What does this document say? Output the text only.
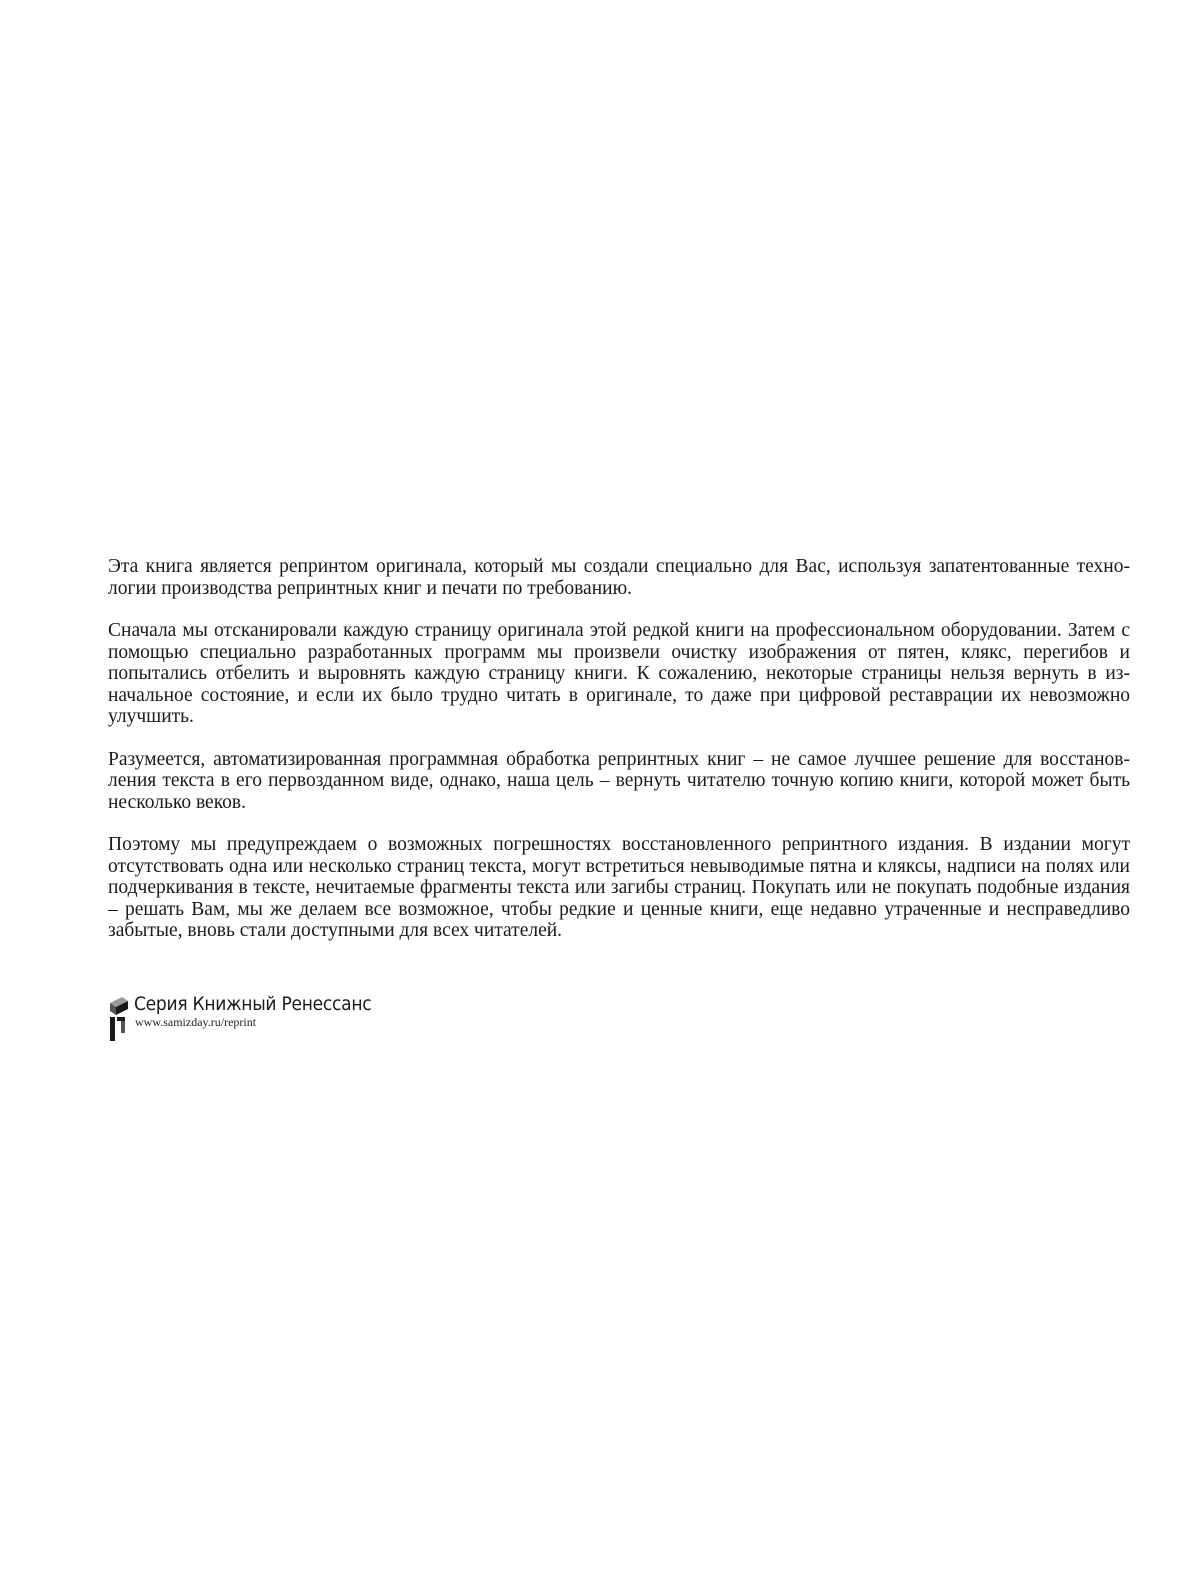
Эта книга является репринтом оригинала, который мы создали специально для Вас, используя запатентованные техно-логии производства репринтных книг и печати по требованию.

Сначала мы отсканировали каждую страницу оригинала этой редкой книги на профессиональном оборудовании. Затем с помощью специально разработанных программ мы произвели очистку изображения от пятен, клякс, перегибов и попытались отбелить и выровнять каждую страницу книги. К сожалению, некоторые страницы нельзя вернуть в из-начальное состояние, и если их было трудно читать в оригинале, то даже при цифровой реставрации их невозможно улучшить.

Разумеется, автоматизированная программная обработка репринтных книг – не самое лучшее решение для восстанов-ления текста в его первозданном виде, однако, наша цель – вернуть читателю точную копию книги, которой может быть несколько веков.

Поэтому мы предупреждаем о возможных погрешностях восстановленного репринтного издания. В издании могут отсутствовать одна или несколько страниц текста, могут встретиться невыводимые пятна и кляксы, надписи на полях или подчеркивания в тексте, нечитаемые фрагменты текста или загибы страниц. Покупать или не покупать подобные издания – решать Вам, мы же делаем все возможное, чтобы редкие и ценные книги, еще недавно утраченные и несправедливо забытые, вновь стали доступными для всех читателей.

Серия Книжный Ренессанс
www.samizday.ru/reprint
